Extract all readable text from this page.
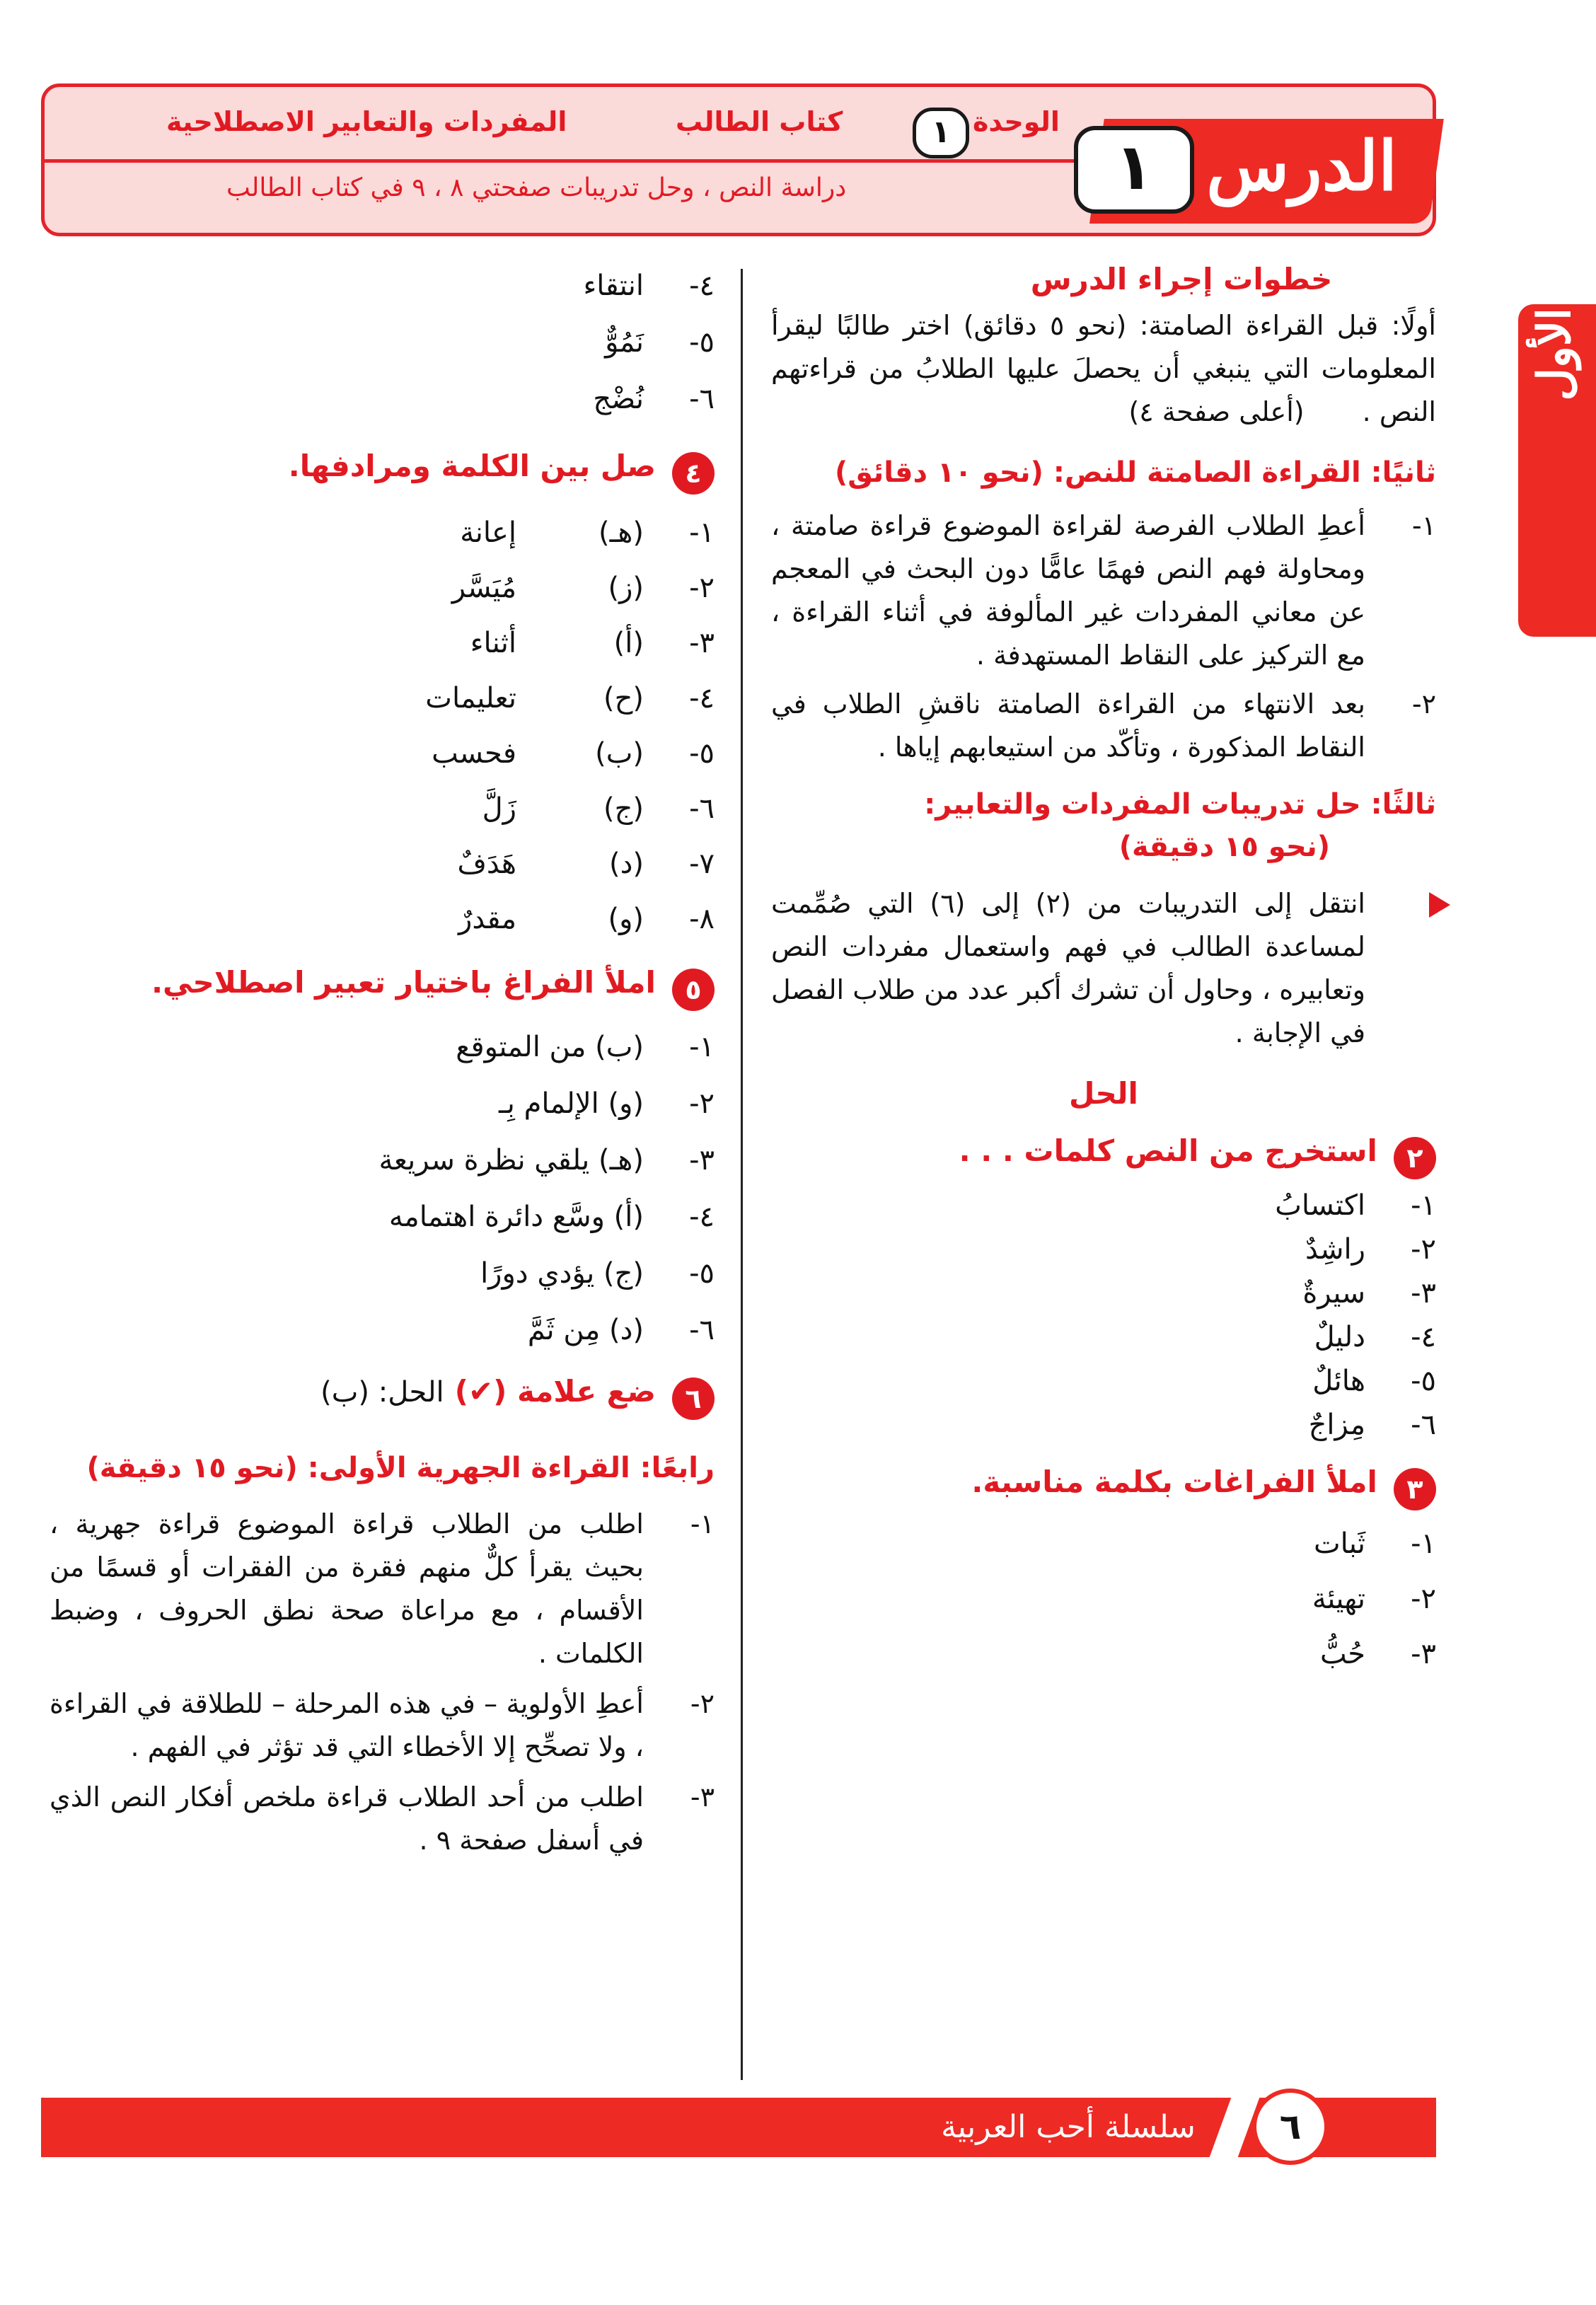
الدرس
١
الوحدة
١
كتاب الطالب
المفردات والتعابير الاصطلاحية
دراسة النص ، وحل تدريبات صفحتي ٨ ، ٩ في كتاب الطالب	القسم الأول
خطوات إجراء الدرس

أولًا: قبل القراءة الصامتة: (نحو ٥ دقائق) اختر طالبًا ليقرأ المعلومات التي ينبغي أن يحصلَ عليها الطلابُ من قراءتهم النص . (أعلى صفحة ٤)

ثانيًا: القراءة الصامتة للنص: (نحو ١٠ دقائق)
١-

أعطِ الطلاب الفرصة لقراءة الموضوع قراءة صامتة ، ومحاولة فهم النص فهمًا عامًّا دون البحث في المعجم عن معاني المفردات غير المألوفة في أثناء القراءة ، مع التركيز على النقاط المستهدفة .

٢-

بعد الانتهاء من القراءة الصامتة ناقشِ الطلاب في النقاط المذكورة ، وتأكّد من استيعابهم إياها .

ثالثًا: حل تدريبات المفردات والتعابير:
(نحو ١٥ دقيقة)

انتقل إلى التدريبات من (٢) إلى (٦) التي صُمِّمت لمساعدة الطالب في فهم واستعمال مفردات النص وتعابيره ، وحاول أن تشرك أكبر عدد من طلاب الفصل في الإجابة .

الحل
٢ استخرج من النص كلمات . . .
١-
اكتسابُ
٢-
راشِدٌ
٣-
سيرةٌ
٤-
دليلٌ
٥-
هائلٌ
٦-
مِزاجٌ
٣ املأ الفراغات بكلمة مناسبة.
١-
ثَبات
٢-
تهيئة
٣-
حُبُّ
٤-
انتقاء
٥-
نَمُوٌّ
٦-
نُضْج
٤ صل بين الكلمة ومرادفها.
١-
(هـ)
إعانة
٢-
(ز)
مُيَسَّر
٣-
(أ)
أثناء
٤-
(ح)
تعليمات
٥-
(ب)
فحسب
٦-
(ج)
زَلَّ
٧-
(د)
هَدَفٌ
٨-
(و)
مقدرٌ
٥ املأ الفراغ باختيار تعبير اصطلاحي.
١-
(ب) من المتوقع
٢-
(و) الإلمام بِـ
٣-
(هـ) يلقي نظرة سريعة
٤-
(أ) وسَّع دائرة اهتمامه
٥-
(ج) يؤدي دورًا
٦-
(د) مِن ثَمَّ
٦ ضع علامة (✔) الحل: (ب)
رابعًا: القراءة الجهرية الأولى: (نحو ١٥ دقيقة)
١-

اطلب من الطلاب قراءة الموضوع قراءة جهرية ، بحيث يقرأ كلٌّ منهم فقرة من الفقرات أو قسمًا من الأقسام ، مع مراعاة صحة نطق الحروف ، وضبط الكلمات .

٢-

أعطِ الأولوية – في هذه المرحلة – للطلاقة في القراءة ، ولا تصحِّح إلا الأخطاء التي قد تؤثر في الفهم .

٣-

اطلب من أحد الطلاب قراءة ملخص أفكار النص الذي في أسفل صفحة ٩ .

٦
سلسلة أحب العربية
